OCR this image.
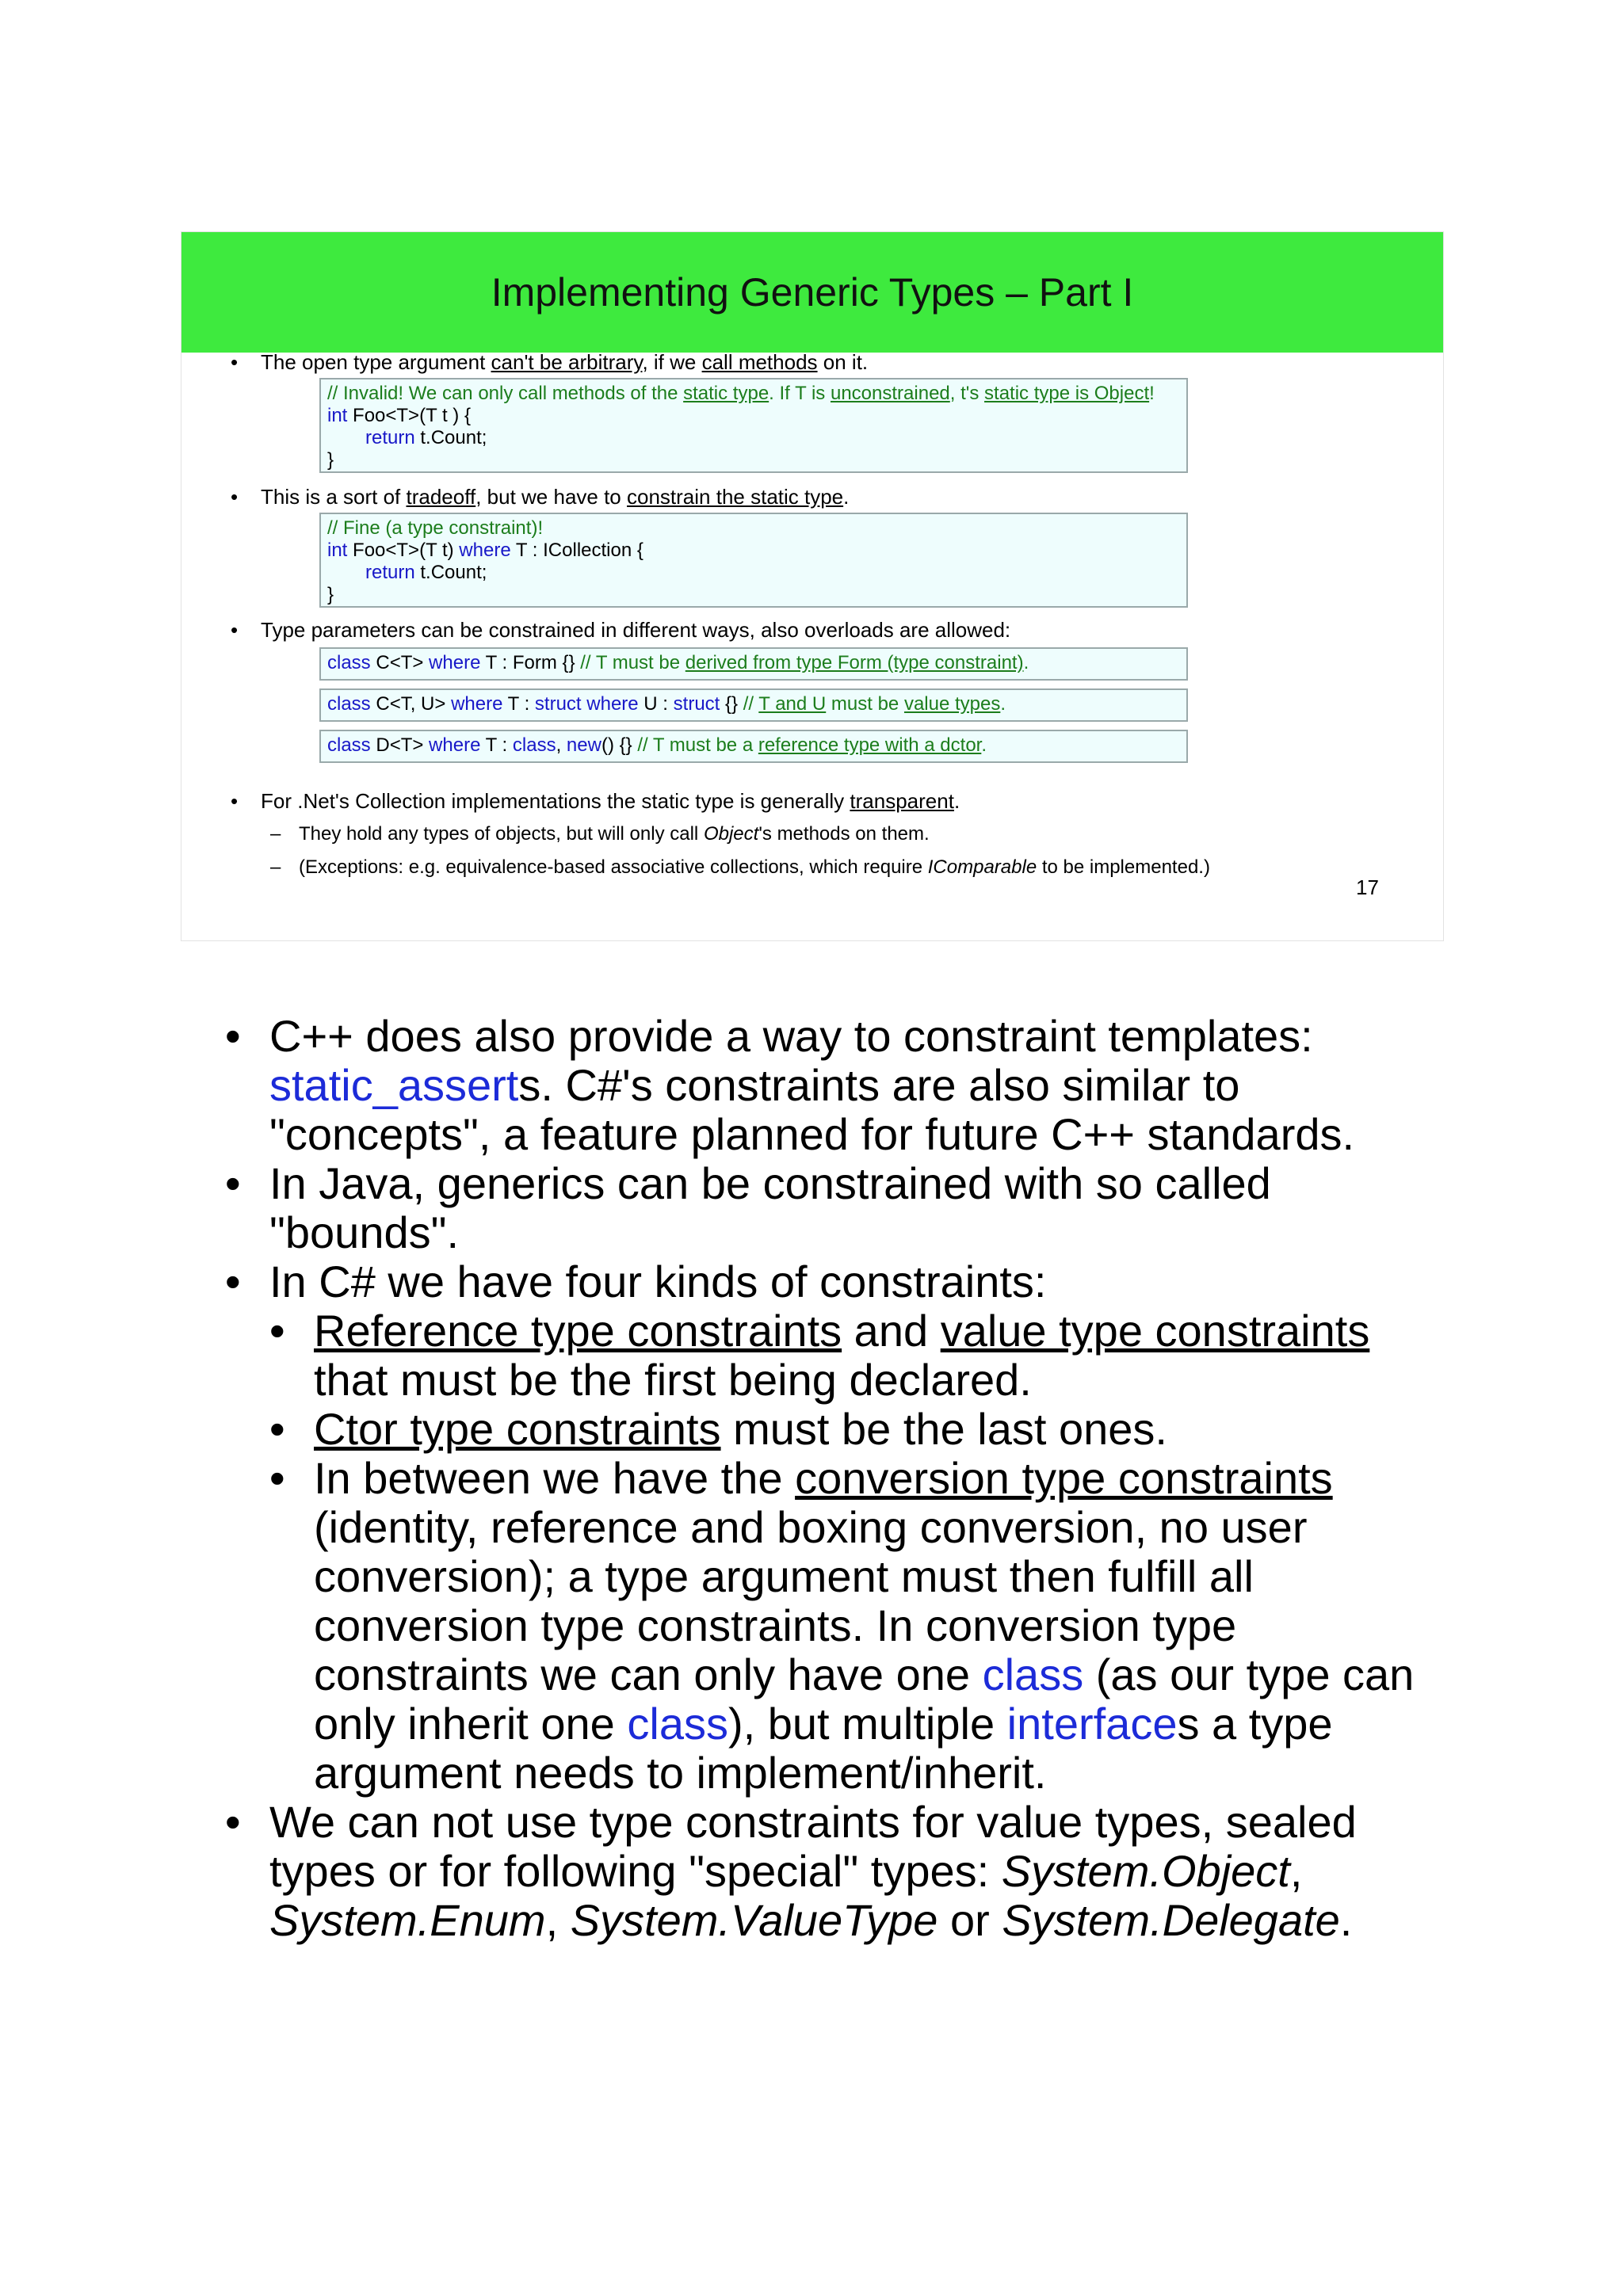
Implementing Generic Types – Part I
• The open type argument can't be arbitrary, if we call methods on it.
// Invalid! We can only call methods of the static type. If T is unconstrained, t's static type is Object!
int Foo<T>(T t ) {
return t.Count;
}
• This is a sort of tradeoff, but we have to constrain the static type.
// Fine (a type constraint)!
int Foo<T>(T t) where T : ICollection {
return t.Count;
}
• Type parameters can be constrained in different ways, also overloads are allowed:
class C<T> where T : Form {} // T must be derived from type Form (type constraint).
class C<T, U> where T : struct where U : struct {} // T and U must be value types.
class D<T> where T : class, new() {} // T must be a reference type with a dctor.
• For .Net's Collection implementations the static type is generally transparent.
– They hold any types of objects, but will only call Object's methods on them.
– (Exceptions: e.g. equivalence-based associative collections, which require IComparable to be implemented.)
17
• C++ does also provide a way to constraint templates:
static_asserts. C#'s constraints are also similar to
"concepts", a feature planned for future C++ standards.
• In Java, generics can be constrained with so called
"bounds".
• In C# we have four kinds of constraints:
• Reference type constraints and value type constraints
that must be the first being declared.
• Ctor type constraints must be the last ones.
• In between we have the conversion type constraints
(identity, reference and boxing conversion, no user
conversion); a type argument must then fulfill all
conversion type constraints. In conversion type
constraints we can only have one class (as our type can
only inherit one class), but multiple interfaces a type
argument needs to implement/inherit.
• We can not use type constraints for value types, sealed
types or for following "special" types: System.Object,
System.Enum, System.ValueType or System.Delegate.
